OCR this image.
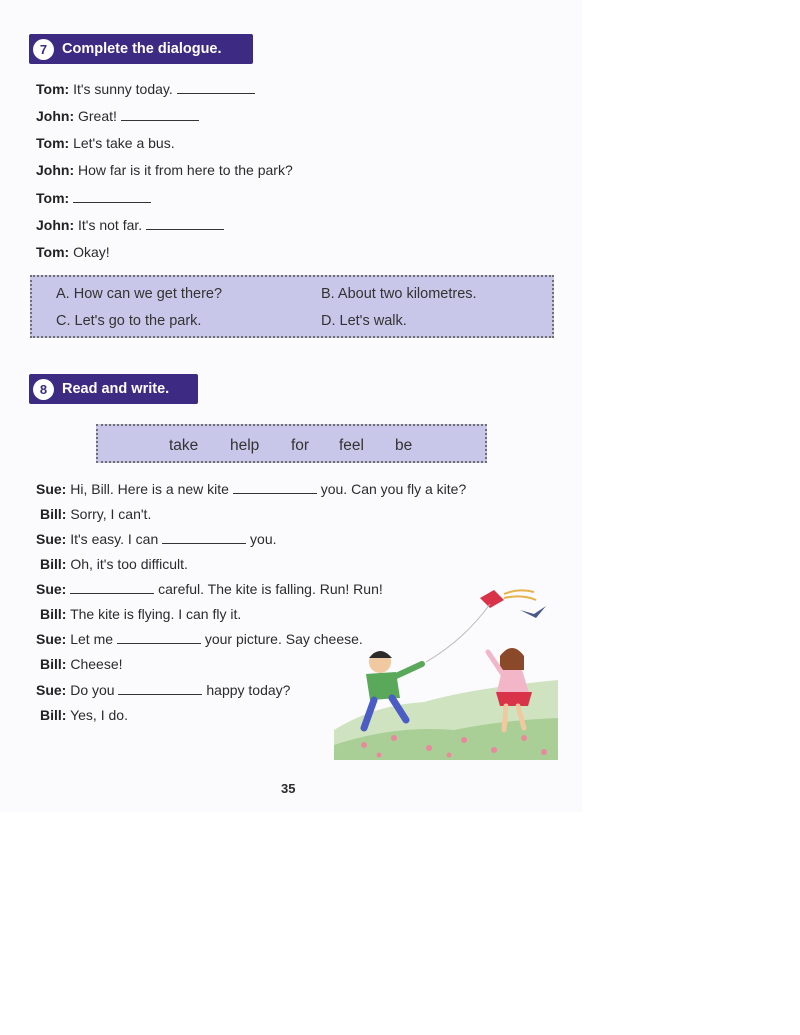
7	Complete the dialogue.
Tom: It's sunny today.
John: Great!
Tom: Let's take a bus.
John: How far is it from here to the park?
Tom:
John: It's not far.
Tom: Okay!
A. How can we get there?	B. About two kilometres.
C. Let's go to the park.	D. Let's walk.
8	Read and write.
take help for feel be
Sue: Hi, Bill. Here is a new kite	you. Can you fly a kite?
Bill: Sorry, I can't.
Sue: It's easy. I can	you.
Bill: Oh, it's too difficult.
Sue:	careful. The kite is falling. Run! Run!
Bill: The kite is flying. I can fly it.
Sue: Let me	your picture. Say cheese.
Bill: Cheese!
Sue: Do you	happy today?
Bill: Yes, I do.
35
